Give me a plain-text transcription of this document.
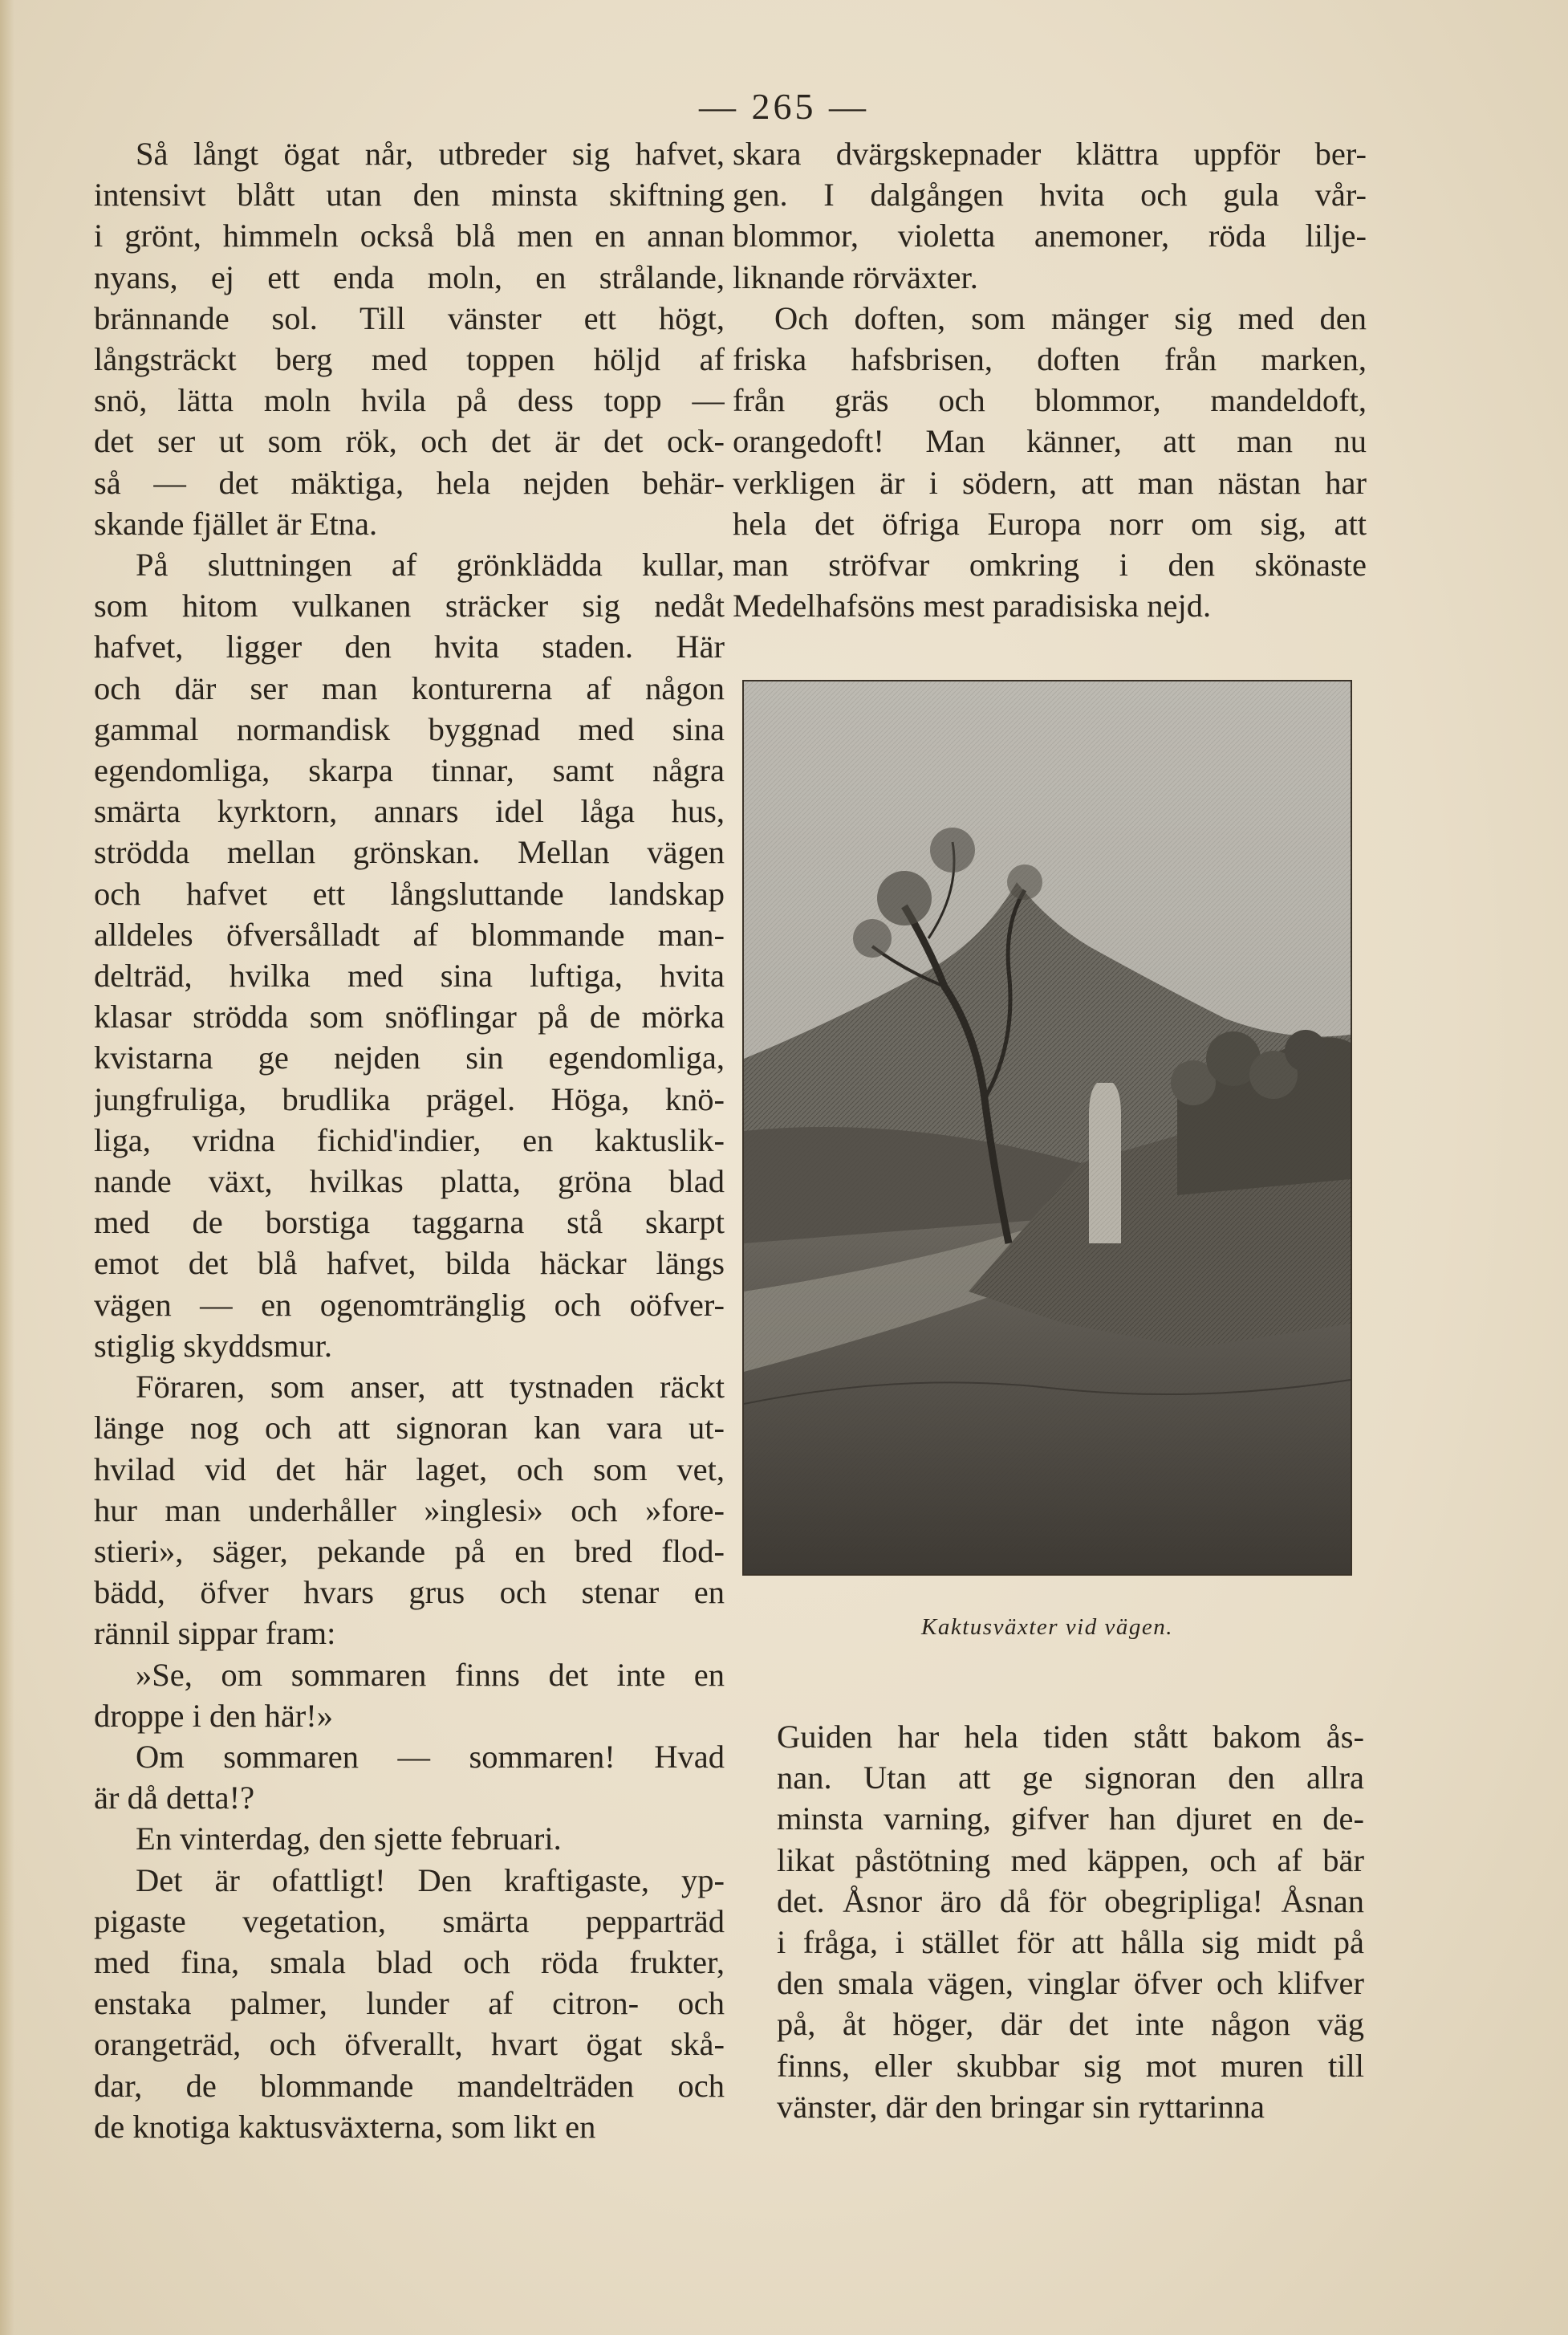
— 265 —
Så långt ögat når, utbreder sig hafvet,
intensivt blått utan den minsta skiftning
i grönt, himmeln också blå men en annan
nyans, ej ett enda moln, en strålande,
brännande sol. Till vänster ett högt,
långsträckt berg med toppen höljd af
snö, lätta moln hvila på dess topp —
det ser ut som rök, och det är det ock-
så — det mäktiga, hela nejden behär-
skande fjället är Etna.
På sluttningen af grönklädda kullar,
som hitom vulkanen sträcker sig nedåt
hafvet, ligger den hvita staden. Här
och där ser man konturerna af någon
gammal normandisk byggnad med sina
egendomliga, skarpa tinnar, samt några
smärta kyrktorn, annars idel låga hus,
strödda mellan grönskan. Mellan vägen
och hafvet ett långsluttande landskap
alldeles öfversålladt af blommande man-
delträd, hvilka med sina luftiga, hvita
klasar strödda som snöflingar på de mörka
kvistarna ge nejden sin egendomliga,
jungfruliga, brudlika prägel. Höga, knö-
liga, vridna fichid'indier, en kaktuslik-
nande växt, hvilkas platta, gröna blad
med de borstiga taggarna stå skarpt
emot det blå hafvet, bilda häckar längs
vägen — en ogenomtränglig och oöfver-
stiglig skyddsmur.
Föraren, som anser, att tystnaden räckt
länge nog och att signoran kan vara ut-
hvilad vid det här laget, och som vet,
hur man underhåller »inglesi» och »fore-
stieri», säger, pekande på en bred flod-
bädd, öfver hvars grus och stenar en
rännil sippar fram:
»Se, om sommaren finns det inte en
droppe i den här!»
Om sommaren — sommaren! Hvad
är då detta!?
En vinterdag, den sjette februari.
Det är ofattligt! Den kraftigaste, yp-
pigaste vegetation, smärta pepparträd
med fina, smala blad och röda frukter,
enstaka palmer, lunder af citron- och
orangeträd, och öfverallt, hvart ögat skå-
dar, de blommande mandelträden och
de knotiga kaktusväxterna, som likt en
skara dvärgskepnader klättra uppför ber-
gen. I dalgången hvita och gula vår-
blommor, violetta anemoner, röda lilje-
liknande rörväxter.
Och doften, som mänger sig med den
friska hafsbrisen, doften från marken,
från gräs och blommor, mandeldoft,
orangedoft! Man känner, att man nu
verkligen är i södern, att man nästan har
hela det öfriga Europa norr om sig, att
man ströfvar omkring i den skönaste
Medelhafsöns mest paradisiska nejd.
Kaktusväxter vid vägen.
Guiden har hela tiden stått bakom ås-
nan. Utan att ge signoran den allra
minsta varning, gifver han djuret en de-
likat påstötning med käppen, och af bär
det. Åsnor äro då för obegripliga! Åsnan
i fråga, i stället för att hålla sig midt på
den smala vägen, vinglar öfver och klifver
på, åt höger, där det inte någon väg
finns, eller skubbar sig mot muren till
vänster, där den bringar sin ryttarinna
